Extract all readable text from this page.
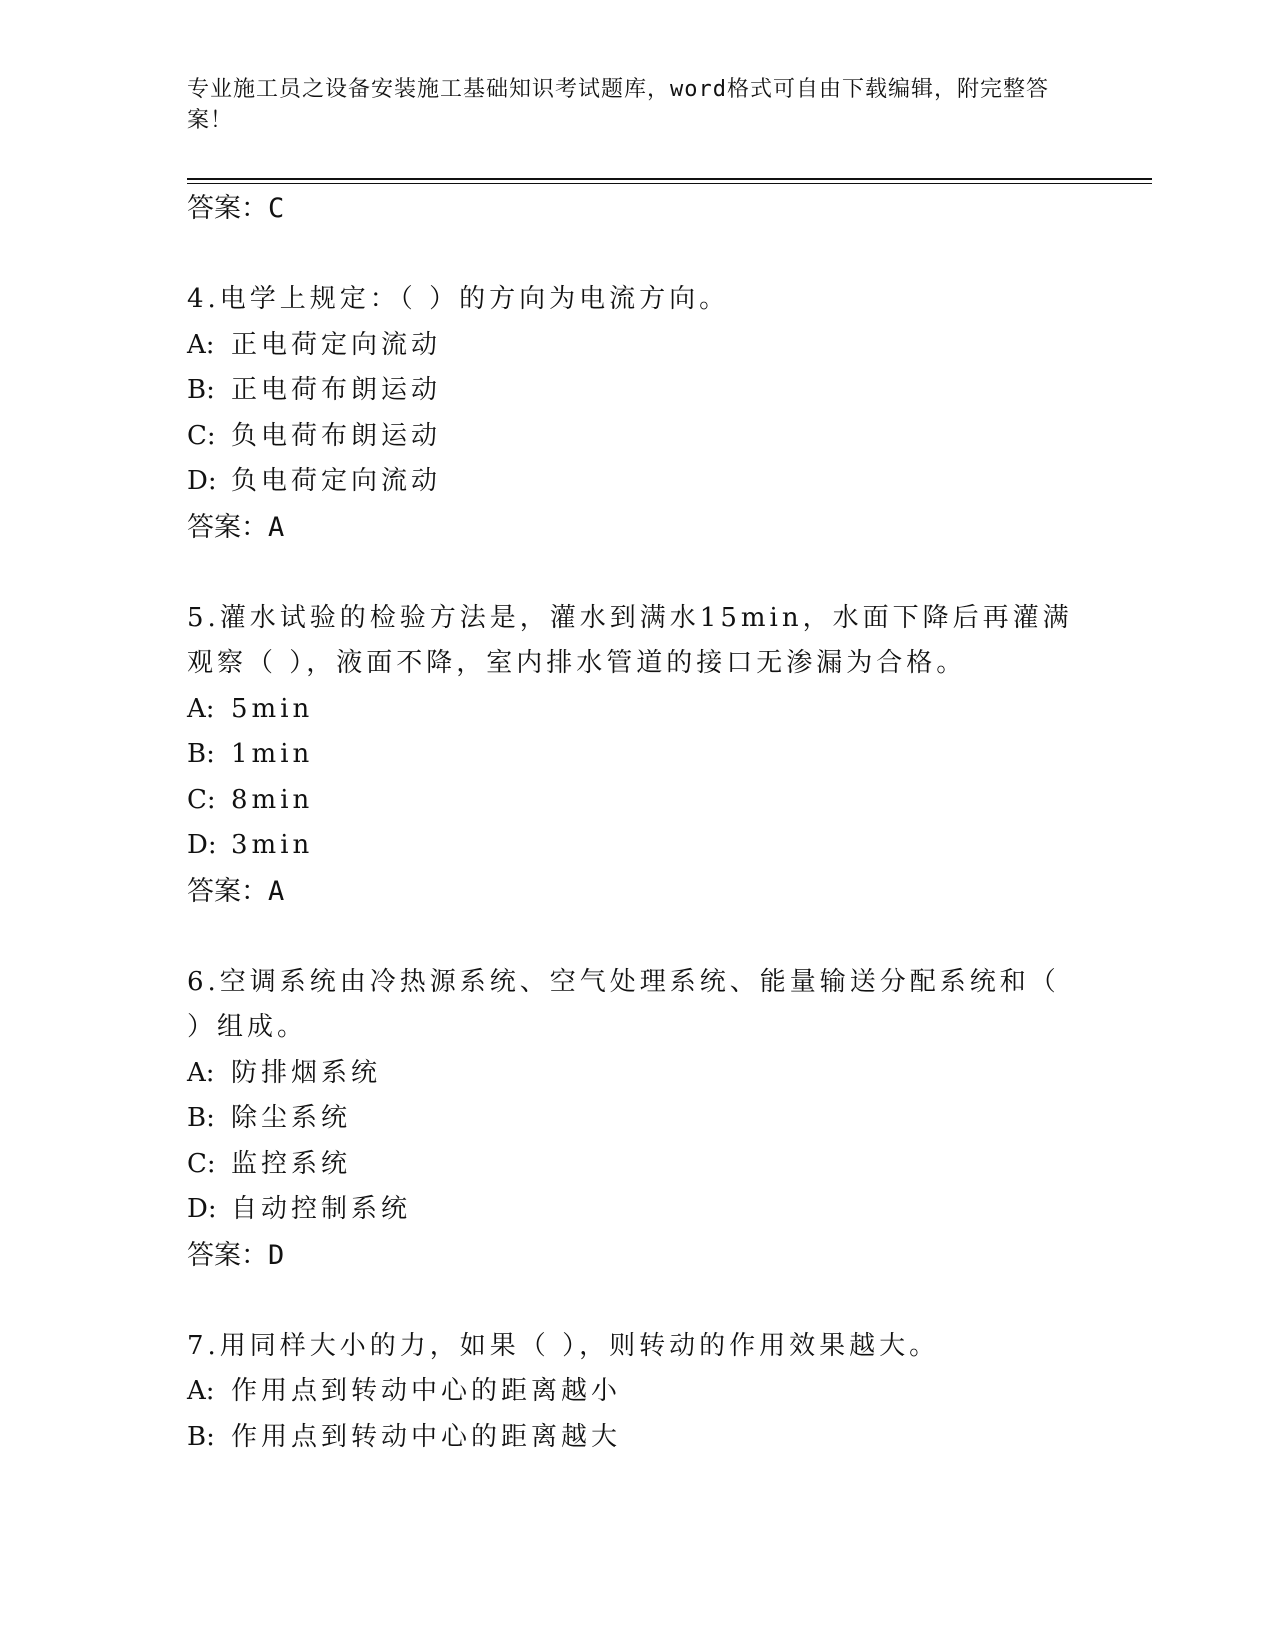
专业施工员之设备安装施工基础知识考试题库，word格式可自由下载编辑，附完整答案！

答案：C

4.电学上规定：（ ）的方向为电流方向。

A: 正电荷定向流动

B: 正电荷布朗运动

C: 负电荷布朗运动

D: 负电荷定向流动

答案：A

5.灌水试验的检验方法是，灌水到满水15min，水面下降后再灌满观察（ ），液面不降，室内排水管道的接口无渗漏为合格。

A: 5min

B: 1min

C: 8min

D: 3min

答案：A

6.空调系统由冷热源系统、空气处理系统、能量输送分配系统和（ ）组成。

A: 防排烟系统

B: 除尘系统

C: 监控系统

D: 自动控制系统

答案：D

7.用同样大小的力，如果（ ），则转动的作用效果越大。

A: 作用点到转动中心的距离越小

B: 作用点到转动中心的距离越大
